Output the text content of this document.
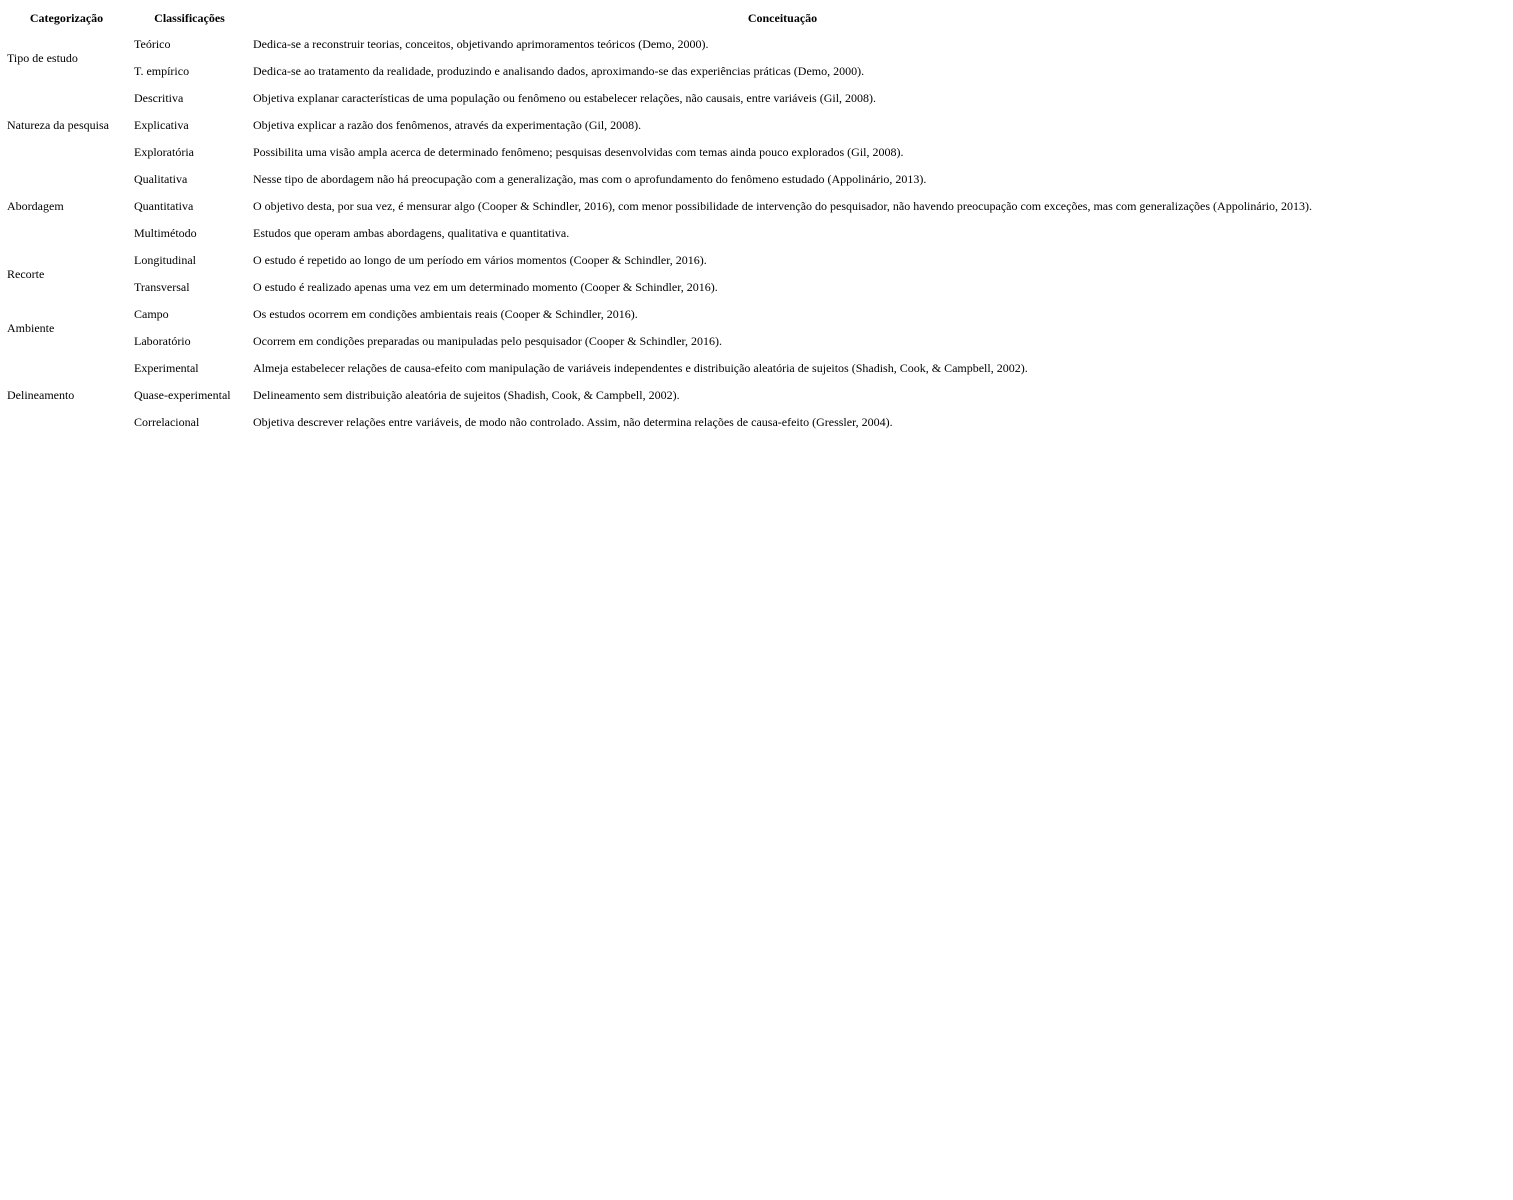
Categorização	Classificações	Conceituação
Tipo de estudo	Teórico	Dedica-se a reconstruir teorias, conceitos, objetivando aprimoramentos teóricos (Demo, 2000).
	T. empírico	Dedica-se ao tratamento da realidade, produzindo e analisando dados, aproximando-se das experiências práticas (Demo, 2000).
Natureza da pesquisa	Descritiva	Objetiva explanar características de uma população ou fenômeno ou estabelecer relações, não causais, entre variáveis (Gil, 2008).
	Explicativa	Objetiva explicar a razão dos fenômenos, através da experimentação (Gil, 2008).
	Exploratória	Possibilita uma visão ampla acerca de determinado fenômeno; pesquisas desenvolvidas com temas ainda pouco explorados (Gil, 2008).
Abordagem	Qualitativa	Nesse tipo de abordagem não há preocupação com a generalização, mas com o aprofundamento do fenômeno estudado (Appolinário, 2013).
	Quantitativa	O objetivo desta, por sua vez, é mensurar algo (Cooper & Schindler, 2016), com menor possibilidade de intervenção do pesquisador, não havendo preocupação com exceções, mas com generalizações (Appolinário, 2013).
	Multimétodo	Estudos que operam ambas abordagens, qualitativa e quantitativa.
Recorte	Longitudinal	O estudo é repetido ao longo de um período em vários momentos (Cooper & Schindler, 2016).
	Transversal	O estudo é realizado apenas uma vez em um determinado momento (Cooper & Schindler, 2016).
Ambiente	Campo	Os estudos ocorrem em condições ambientais reais (Cooper & Schindler, 2016).
	Laboratório	Ocorrem em condições preparadas ou manipuladas pelo pesquisador (Cooper & Schindler, 2016).
Delineamento	Experimental	Almeja estabelecer relações de causa-efeito com manipulação de variáveis independentes e distribuição aleatória de sujeitos (Shadish, Cook, & Campbell, 2002).
	Quase-experimental	Delineamento sem distribuição aleatória de sujeitos (Shadish, Cook, & Campbell, 2002).
	Correlacional	Objetiva descrever relações entre variáveis, de modo não controlado. Assim, não determina relações de causa-efeito (Gressler, 2004).
